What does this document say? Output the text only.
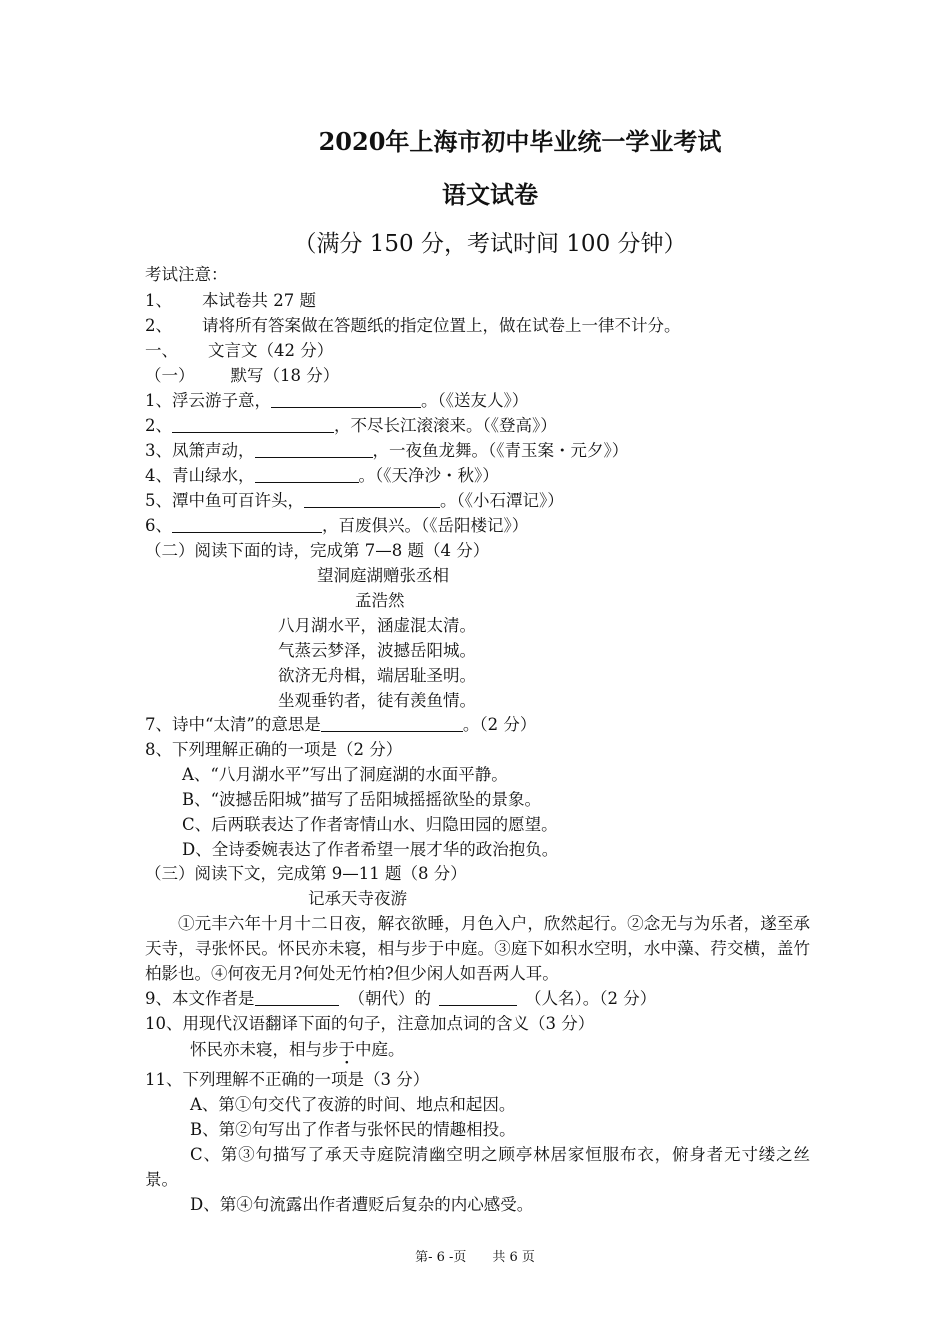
2020年上海市初中毕业统一学业考试
语文试卷
（满分 150 分，考试时间 100 分钟）
考试注意：
1、 本试卷共 27 题
2、 请将所有答案做在答题纸的指定位置上，做在试卷上一律不计分。
一、 文言文（42 分）
（一） 默写（18 分）
1、浮云游子意，	。（《送友人》）
2、	，不尽长江滚滚来。（《登高》）
3、凤箫声动，	，一夜鱼龙舞。（《青玉案・元夕》）
4、青山绿水，	。（《天净沙・秋》）
5、潭中鱼可百许头，	。（《小石潭记》）
6、	，百废俱兴。（《岳阳楼记》）
（二）阅读下面的诗，完成第 7—8 题（4 分）
望洞庭湖赠张丞相
孟浩然
八月湖水平，涵虚混太清。
气蒸云梦泽，波撼岳阳城。
欲济无舟楫，端居耻圣明。
坐观垂钓者，徒有羡鱼情。
7、诗中“太清”的意思是	。（2 分）
8、下列理解正确的一项是（2 分）
A、“八月湖水平”写出了洞庭湖的水面平静。
B、“波撼岳阳城”描写了岳阳城摇摇欲坠的景象。
C、后两联表达了作者寄情山水、归隐田园的愿望。
D、全诗委婉表达了作者希望一展才华的政治抱负。
（三）阅读下文，完成第 9—11 题（8 分）
记承天寺夜游
①元丰六年十月十二日夜，解衣欲睡，月色入户，欣然起行。②念无与为乐者，遂至承天寺，寻张怀民。怀民亦未寝，相与步于中庭。③庭下如积水空明，水中藻、荇交横，盖竹柏影也。④何夜无月?何处无竹柏?但少闲人如吾两人耳。
9、本文作者是	（朝代）的	（人名）。（2 分）
10、用现代汉语翻译下面的句子，注意加点词的含义（3 分）
怀民亦未寝，相与步于中庭。
11、下列理解不正确的一项是（3 分）
A、第①句交代了夜游的时间、地点和起因。
B、第②句写出了作者与张怀民的情趣相投。
C、第③句描写了承天寺庭院清幽空明之顾亭林居家恒服布衣，俯身者无寸缕之丝景。
D、第④句流露出作者遭贬后复杂的内心感受。
第- 6 -页　　共 6 页
